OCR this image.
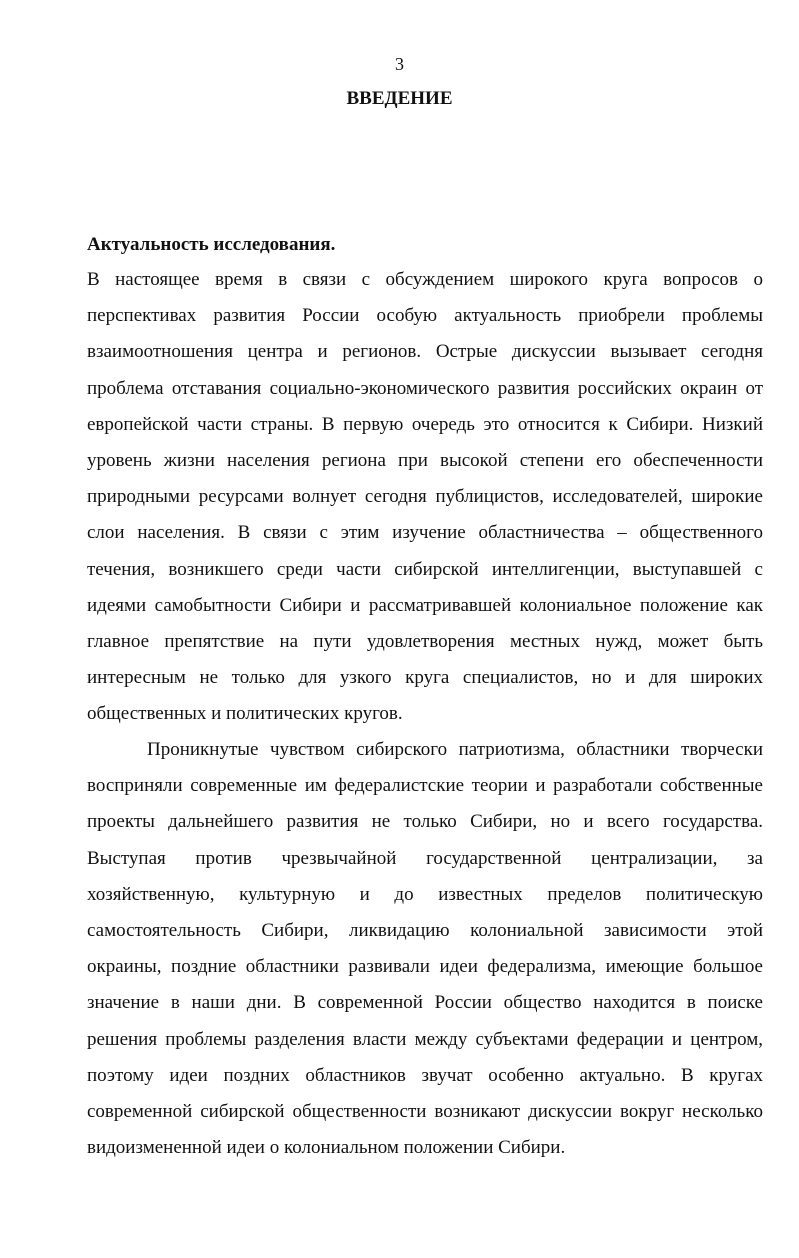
3
ВВЕДЕНИЕ
Актуальность исследования.

В настоящее время в связи с обсуждением широкого круга вопросов о перспективах развития России особую актуальность приобрели проблемы взаимоотношения центра и регионов. Острые дискуссии вызывает сегодня проблема отставания социально-экономического развития российских окраин от европейской части страны. В первую очередь это относится к Сибири. Низкий уровень жизни населения региона при высокой степени его обеспеченности природными ресурсами волнует сегодня публицистов, исследователей, широкие слои населения. В связи с этим изучение областничества – общественного течения, возникшего среди части сибирской интеллигенции, выступавшей с идеями самобытности Сибири и рассматривавшей колониальное положение как главное препятствие на пути удовлетворения местных нужд, может быть интересным не только для узкого круга специалистов, но и для широких общественных и политических кругов.

Проникнутые чувством сибирского патриотизма, областники творчески восприняли современные им федералистские теории и разработали собственные проекты дальнейшего развития не только Сибири, но и всего государства. Выступая против чрезвычайной государственной централизации, за хозяйственную, культурную и до известных пределов политическую самостоятельность Сибири, ликвидацию колониальной зависимости этой окраины, поздние областники развивали идеи федерализма, имеющие большое значение в наши дни. В современной России общество находится в поиске решения проблемы разделения власти между субъектами федерации и центром, поэтому идеи поздних областников звучат особенно актуально. В кругах современной сибирской общественности возникают дискуссии вокруг несколько видоизмененной идеи о колониальном положении Сибири.
